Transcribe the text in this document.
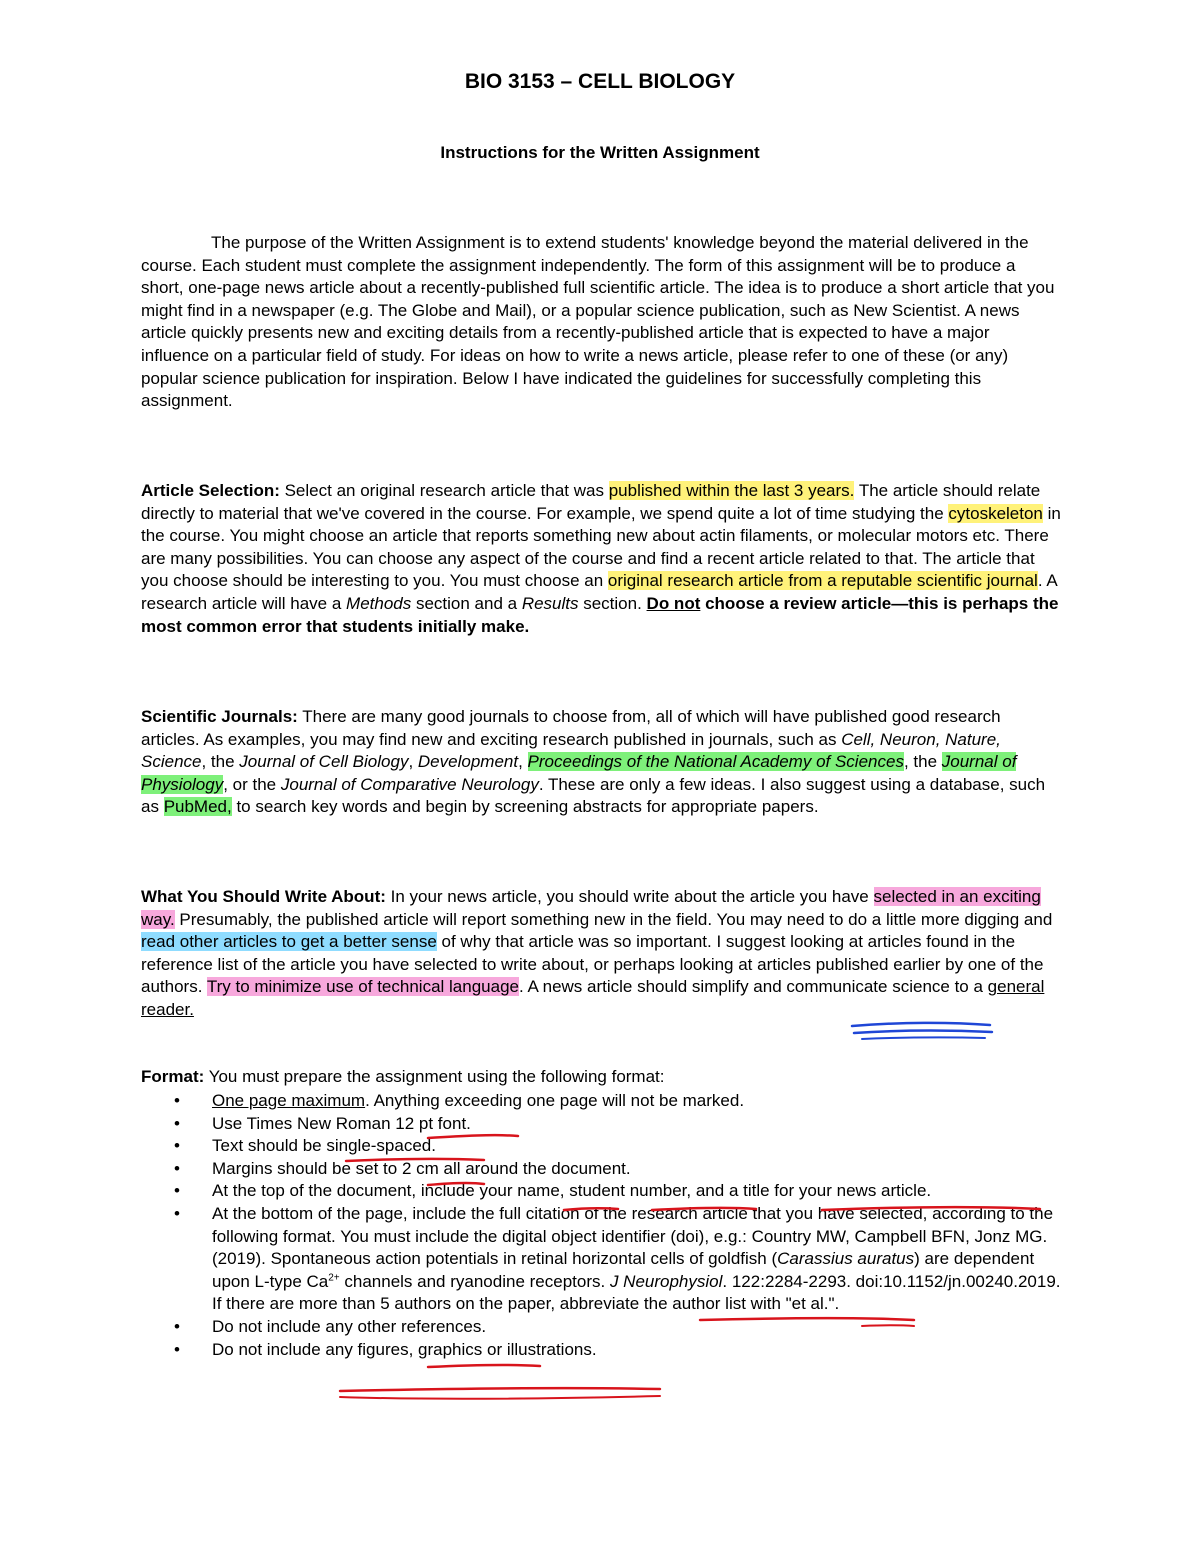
BIO 3153 – CELL BIOLOGY
Instructions for the Written Assignment
The purpose of the Written Assignment is to extend students' knowledge beyond the material delivered in the course. Each student must complete the assignment independently. The form of this assignment will be to produce a short, one-page news article about a recently-published full scientific article. The idea is to produce a short article that you might find in a newspaper (e.g. The Globe and Mail), or a popular science publication, such as New Scientist. A news article quickly presents new and exciting details from a recently-published article that is expected to have a major influence on a particular field of study. For ideas on how to write a news article, please refer to one of these (or any) popular science publication for inspiration. Below I have indicated the guidelines for successfully completing this assignment.
Article Selection: Select an original research article that was published within the last 3 years. The article should relate directly to material that we've covered in the course. For example, we spend quite a lot of time studying the cytoskeleton in the course. You might choose an article that reports something new about actin filaments, or molecular motors etc. There are many possibilities. You can choose any aspect of the course and find a recent article related to that. The article that you choose should be interesting to you. You must choose an original research article from a reputable scientific journal. A research article will have a Methods section and a Results section. Do not choose a review article—this is perhaps the most common error that students initially make.
Scientific Journals: There are many good journals to choose from, all of which will have published good research articles. As examples, you may find new and exciting research published in journals, such as Cell, Neuron, Nature, Science, the Journal of Cell Biology, Development, Proceedings of the National Academy of Sciences, the Journal of Physiology, or the Journal of Comparative Neurology. These are only a few ideas. I also suggest using a database, such as PubMed, to search key words and begin by screening abstracts for appropriate papers.
What You Should Write About: In your news article, you should write about the article you have selected in an exciting way. Presumably, the published article will report something new in the field. You may need to do a little more digging and read other articles to get a better sense of why that article was so important. I suggest looking at articles found in the reference list of the article you have selected to write about, or perhaps looking at articles published earlier by one of the authors. Try to minimize use of technical language. A news article should simplify and communicate science to a general reader.
Format: You must prepare the assignment using the following format:
• One page maximum. Anything exceeding one page will not be marked.
• Use Times New Roman 12 pt font.
• Text should be single-spaced.
• Margins should be set to 2 cm all around the document.
• At the top of the document, include your name, student number, and a title for your news article.
• At the bottom of the page, include the full citation of the research article that you have selected, according to the following format. You must include the digital object identifier (doi), e.g.: Country MW, Campbell BFN, Jonz MG. (2019). Spontaneous action potentials in retinal horizontal cells of goldfish (Carassius auratus) are dependent upon L-type $Ca^{2+}$ channels and ryanodine receptors. J Neurophysiol. 122:2284-2293. doi:10.1152/jn.00240.2019. If there are more than 5 authors on the paper, abbreviate the author list with "et al.".
• Do not include any other references.
• Do not include any figures, graphics or illustrations.
